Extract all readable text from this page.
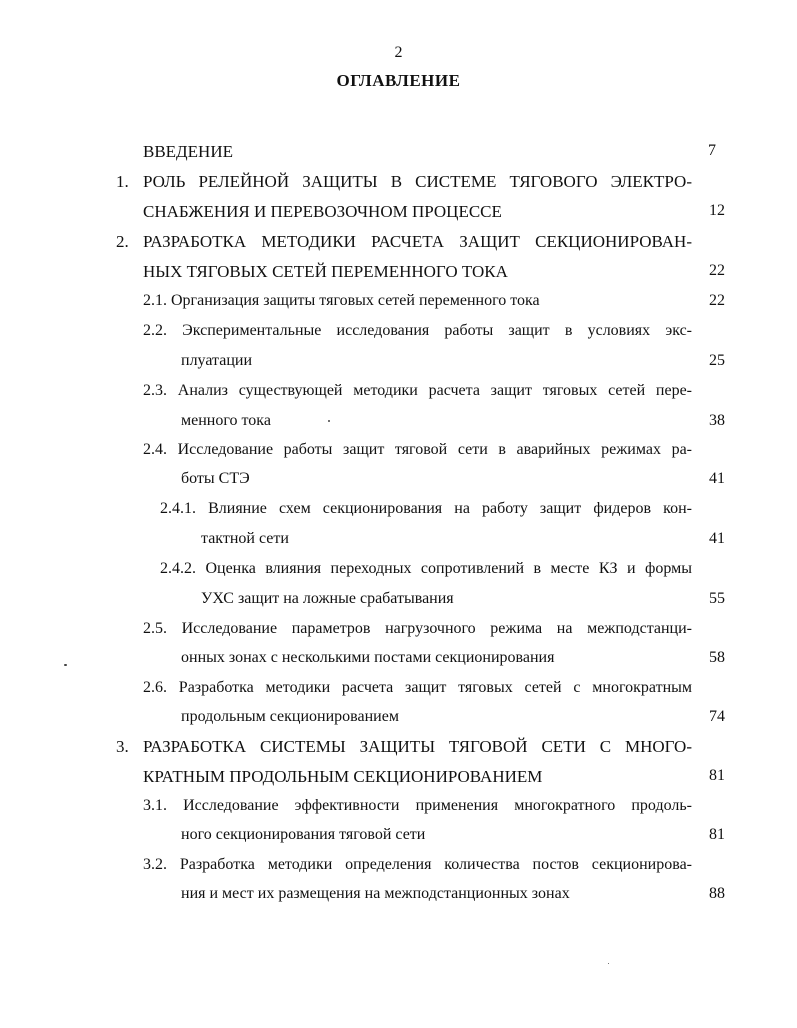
2
ОГЛАВЛЕНИЕ
ВВЕДЕНИЕ	7
1. РОЛЬ РЕЛЕЙНОЙ ЗАЩИТЫ В СИСТЕМЕ ТЯГОВОГО ЭЛЕКТРО-
СНАБЖЕНИЯ И ПЕРЕВОЗОЧНОМ ПРОЦЕССЕ	12
2. РАЗРАБОТКА МЕТОДИКИ РАСЧЕТА ЗАЩИТ СЕКЦИОНИРОВАН-
НЫХ ТЯГОВЫХ СЕТЕЙ ПЕРЕМЕННОГО ТОКА	22
2.1. Организация защиты тяговых сетей переменного тока	22
2.2. Экспериментальные исследования работы защит в условиях экс-
плуатации	25
2.3. Анализ существующей методики расчета защит тяговых сетей пере-
менного тока	38
2.4. Исследование работы защит тяговой сети в аварийных режимах ра-
боты СТЭ	41
2.4.1. Влияние схем секционирования на работу защит фидеров кон-
тактной сети	41
2.4.2. Оценка влияния переходных сопротивлений в месте КЗ и формы
УХС защит на ложные срабатывания	55
2.5. Исследование параметров нагрузочного режима на межподстанци-
онных зонах с несколькими постами секционирования	58
2.6. Разработка методики расчета защит тяговых сетей с многократным
продольным секционированием	74
3. РАЗРАБОТКА СИСТЕМЫ ЗАЩИТЫ ТЯГОВОЙ СЕТИ С МНОГО-
КРАТНЫМ ПРОДОЛЬНЫМ СЕКЦИОНИРОВАНИЕМ	81
3.1. Исследование эффективности применения многократного продоль-
ного секционирования тяговой сети	81
3.2. Разработка методики определения количества постов секционирова-
ния и мест их размещения на межподстанционных зонах	88
